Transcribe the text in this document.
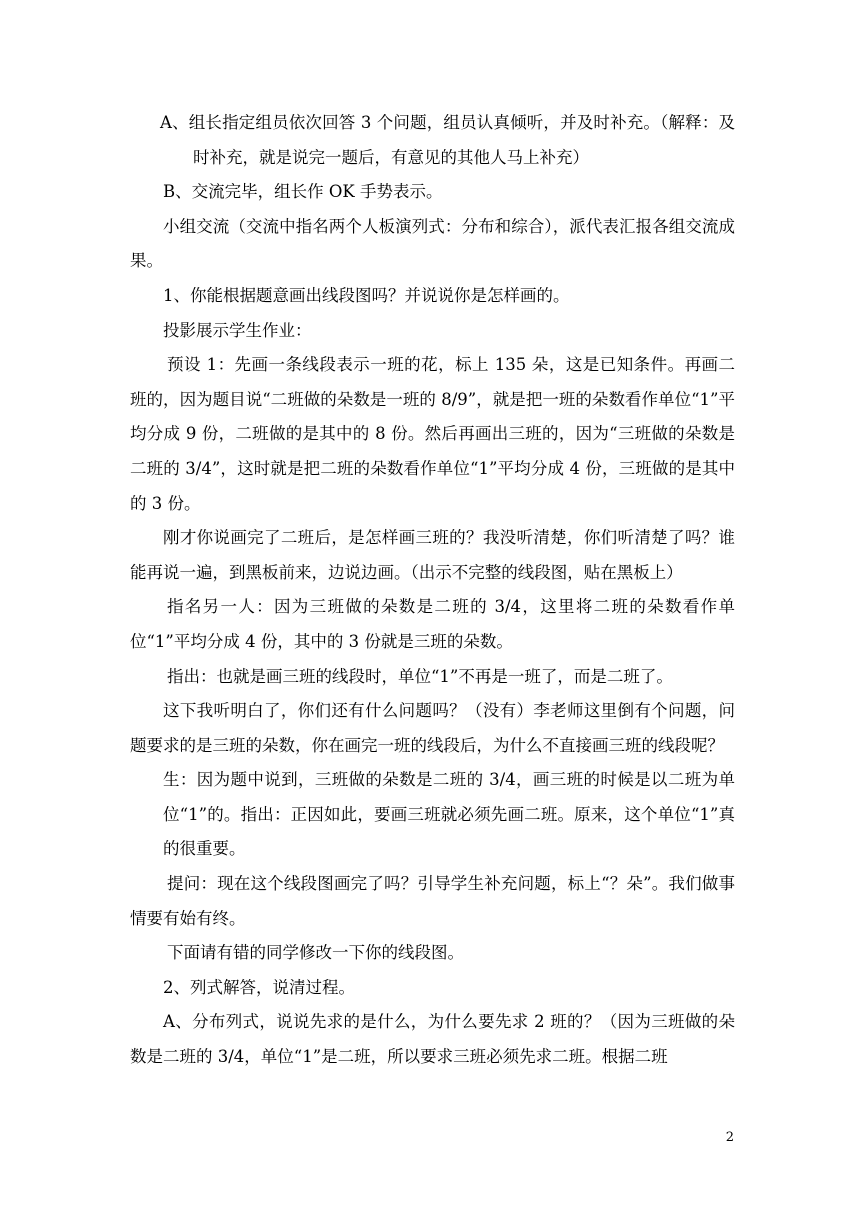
A、组长指定组员依次回答 3 个问题，组员认真倾听，并及时补充。（解释：及时补充，就是说完一题后，有意见的其他人马上补充）

B、交流完毕，组长作 OK 手势表示。

小组交流（交流中指名两个人板演列式：分布和综合），派代表汇报各组交流成果。

1、你能根据题意画出线段图吗？并说说你是怎样画的。

投影展示学生作业：

预设 1：先画一条线段表示一班的花，标上 135 朵，这是已知条件。再画二班的，因为题目说“二班做的朵数是一班的 8/9”，就是把一班的朵数看作单位“1”平均分成 9 份，二班做的是其中的 8 份。然后再画出三班的，因为“三班做的朵数是二班的 3/4”，这时就是把二班的朵数看作单位“1”平均分成 4 份，三班做的是其中的 3 份。

刚才你说画完了二班后，是怎样画三班的？我没听清楚，你们听清楚了吗？谁能再说一遍，到黑板前来，边说边画。（出示不完整的线段图，贴在黑板上）

指名另一人：因为三班做的朵数是二班的 3/4，这里将二班的朵数看作单位“1”平均分成 4 份，其中的 3 份就是三班的朵数。

指出：也就是画三班的线段时，单位“1”不再是一班了，而是二班了。

这下我听明白了，你们还有什么问题吗？（没有）李老师这里倒有个问题，问题要求的是三班的朵数，你在画完一班的线段后，为什么不直接画三班的线段呢？

生：因为题中说到，三班做的朵数是二班的 3/4，画三班的时候是以二班为单位“1”的。指出：正因如此，要画三班就必须先画二班。原来，这个单位“1”真的很重要。

提问：现在这个线段图画完了吗？引导学生补充问题，标上“？朵”。我们做事情要有始有终。

下面请有错的同学修改一下你的线段图。

2、列式解答，说清过程。

A、分布列式，说说先求的是什么，为什么要先求 2 班的？（因为三班做的朵数是二班的 3/4，单位“1”是二班，所以要求三班必须先求二班。根据二班

2
